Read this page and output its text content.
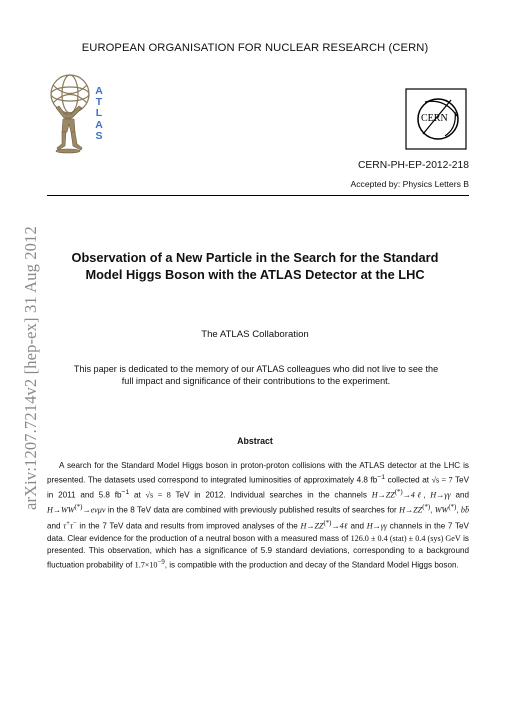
EUROPEAN ORGANISATION FOR NUCLEAR RESEARCH (CERN)
A
T
L
A
S
CERN
CERN-PH-EP-2012-218
Accepted by: Physics Letters B
arXiv:1207.7214v2 [hep-ex] 31 Aug 2012	Observation of a New Particle in the Search for the Standard
Model Higgs Boson with the ATLAS Detector at the LHC
The ATLAS Collaboration
This paper is dedicated to the memory of our ATLAS colleagues who did not live to see the
full impact and significance of their contributions to the experiment.
Abstract

A search for the Standard Model Higgs boson in proton-proton collisions with the ATLAS detector at the LHC is presented. The datasets used correspond to integrated luminosities of approximately 4.8 $fb^{-1}$ collected at √s = 7 TeV in 2011 and 5.8 $fb^{-1}$ at √s = 8 TeV in 2012. Individual searches in the channels H→ZZ(*)→4ℓ, H→γγ and H→WW(*)→eνμν in the 8 TeV data are combined with previously published results of searches for H→ZZ(*), WW(*), bb̄ and τ+τ− in the 7 TeV data and results from improved analyses of the H→ZZ(*)→4ℓ and H→γγ channels in the 7 TeV data. Clear evidence for the production of a neutral boson with a measured mass of 126.0 ± 0.4 (stat) ± 0.4 (sys) GeV is presented. This observation, which has a significance of 5.9 standard deviations, corresponding to a background fluctuation probability of $1.7\times 10^{-9}$, is compatible with the production and decay of the Standard Model Higgs boson.
